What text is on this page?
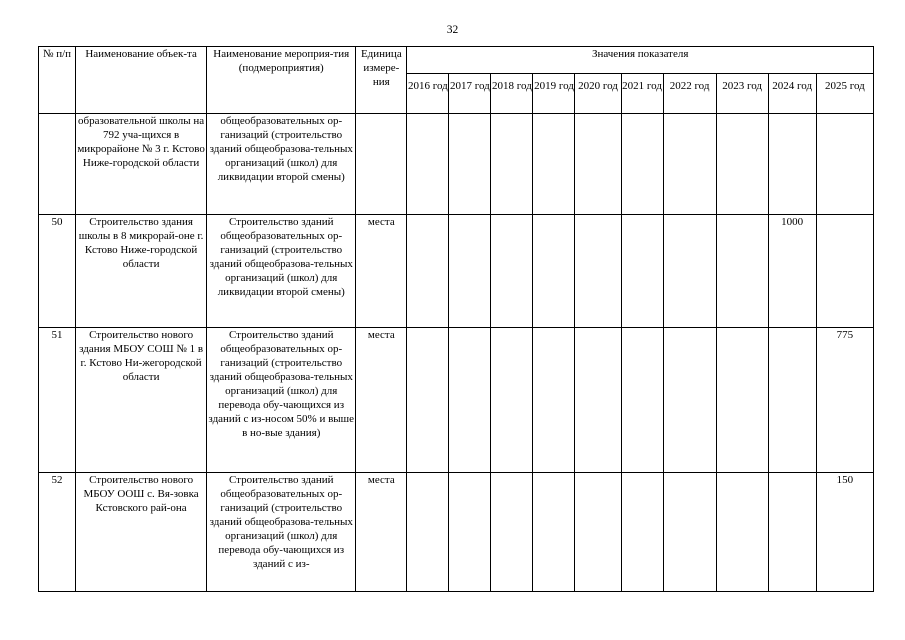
32
№ п/п	Наименование объек-та	Наименование мероприя-тия (подмероприятия)	Единица измере-ния	Значения показателя									
				2016 год	2017 год	2018 год	2019 год	2020 год	2021 год	2022 год	2023 год	2024 год	2025 год
	образовательной школы на 792 уча-щихся в микрорайоне № 3 г. Кстово Ниже-городской области	общеобразовательных ор-ганизаций (строительство зданий общеобразова-тельных организаций (школ) для ликвидации второй смены)											
50	Строительство здания школы в 8 микрорай-оне г. Кстово Ниже-городской области	Строительство зданий общеобразовательных ор-ганизаций (строительство зданий общеобразова-тельных организаций (школ) для ликвидации второй смены)	места									1000	
51	Строительство нового здания МБОУ СОШ № 1 в г. Кстово Ни-жегородской области	Строительство зданий общеобразовательных ор-ганизаций (строительство зданий общеобразова-тельных организаций (школ) для перевода обу-чающихся из зданий с из-носом 50% и выше в но-вые здания)	места										775
52	Строительство нового МБОУ ООШ с. Вя-зовка Кстовского рай-она	Строительство зданий общеобразовательных ор-ганизаций (строительство зданий общеобразова-тельных организаций (школ) для перевода обу-чающихся из зданий с из-	места										150
